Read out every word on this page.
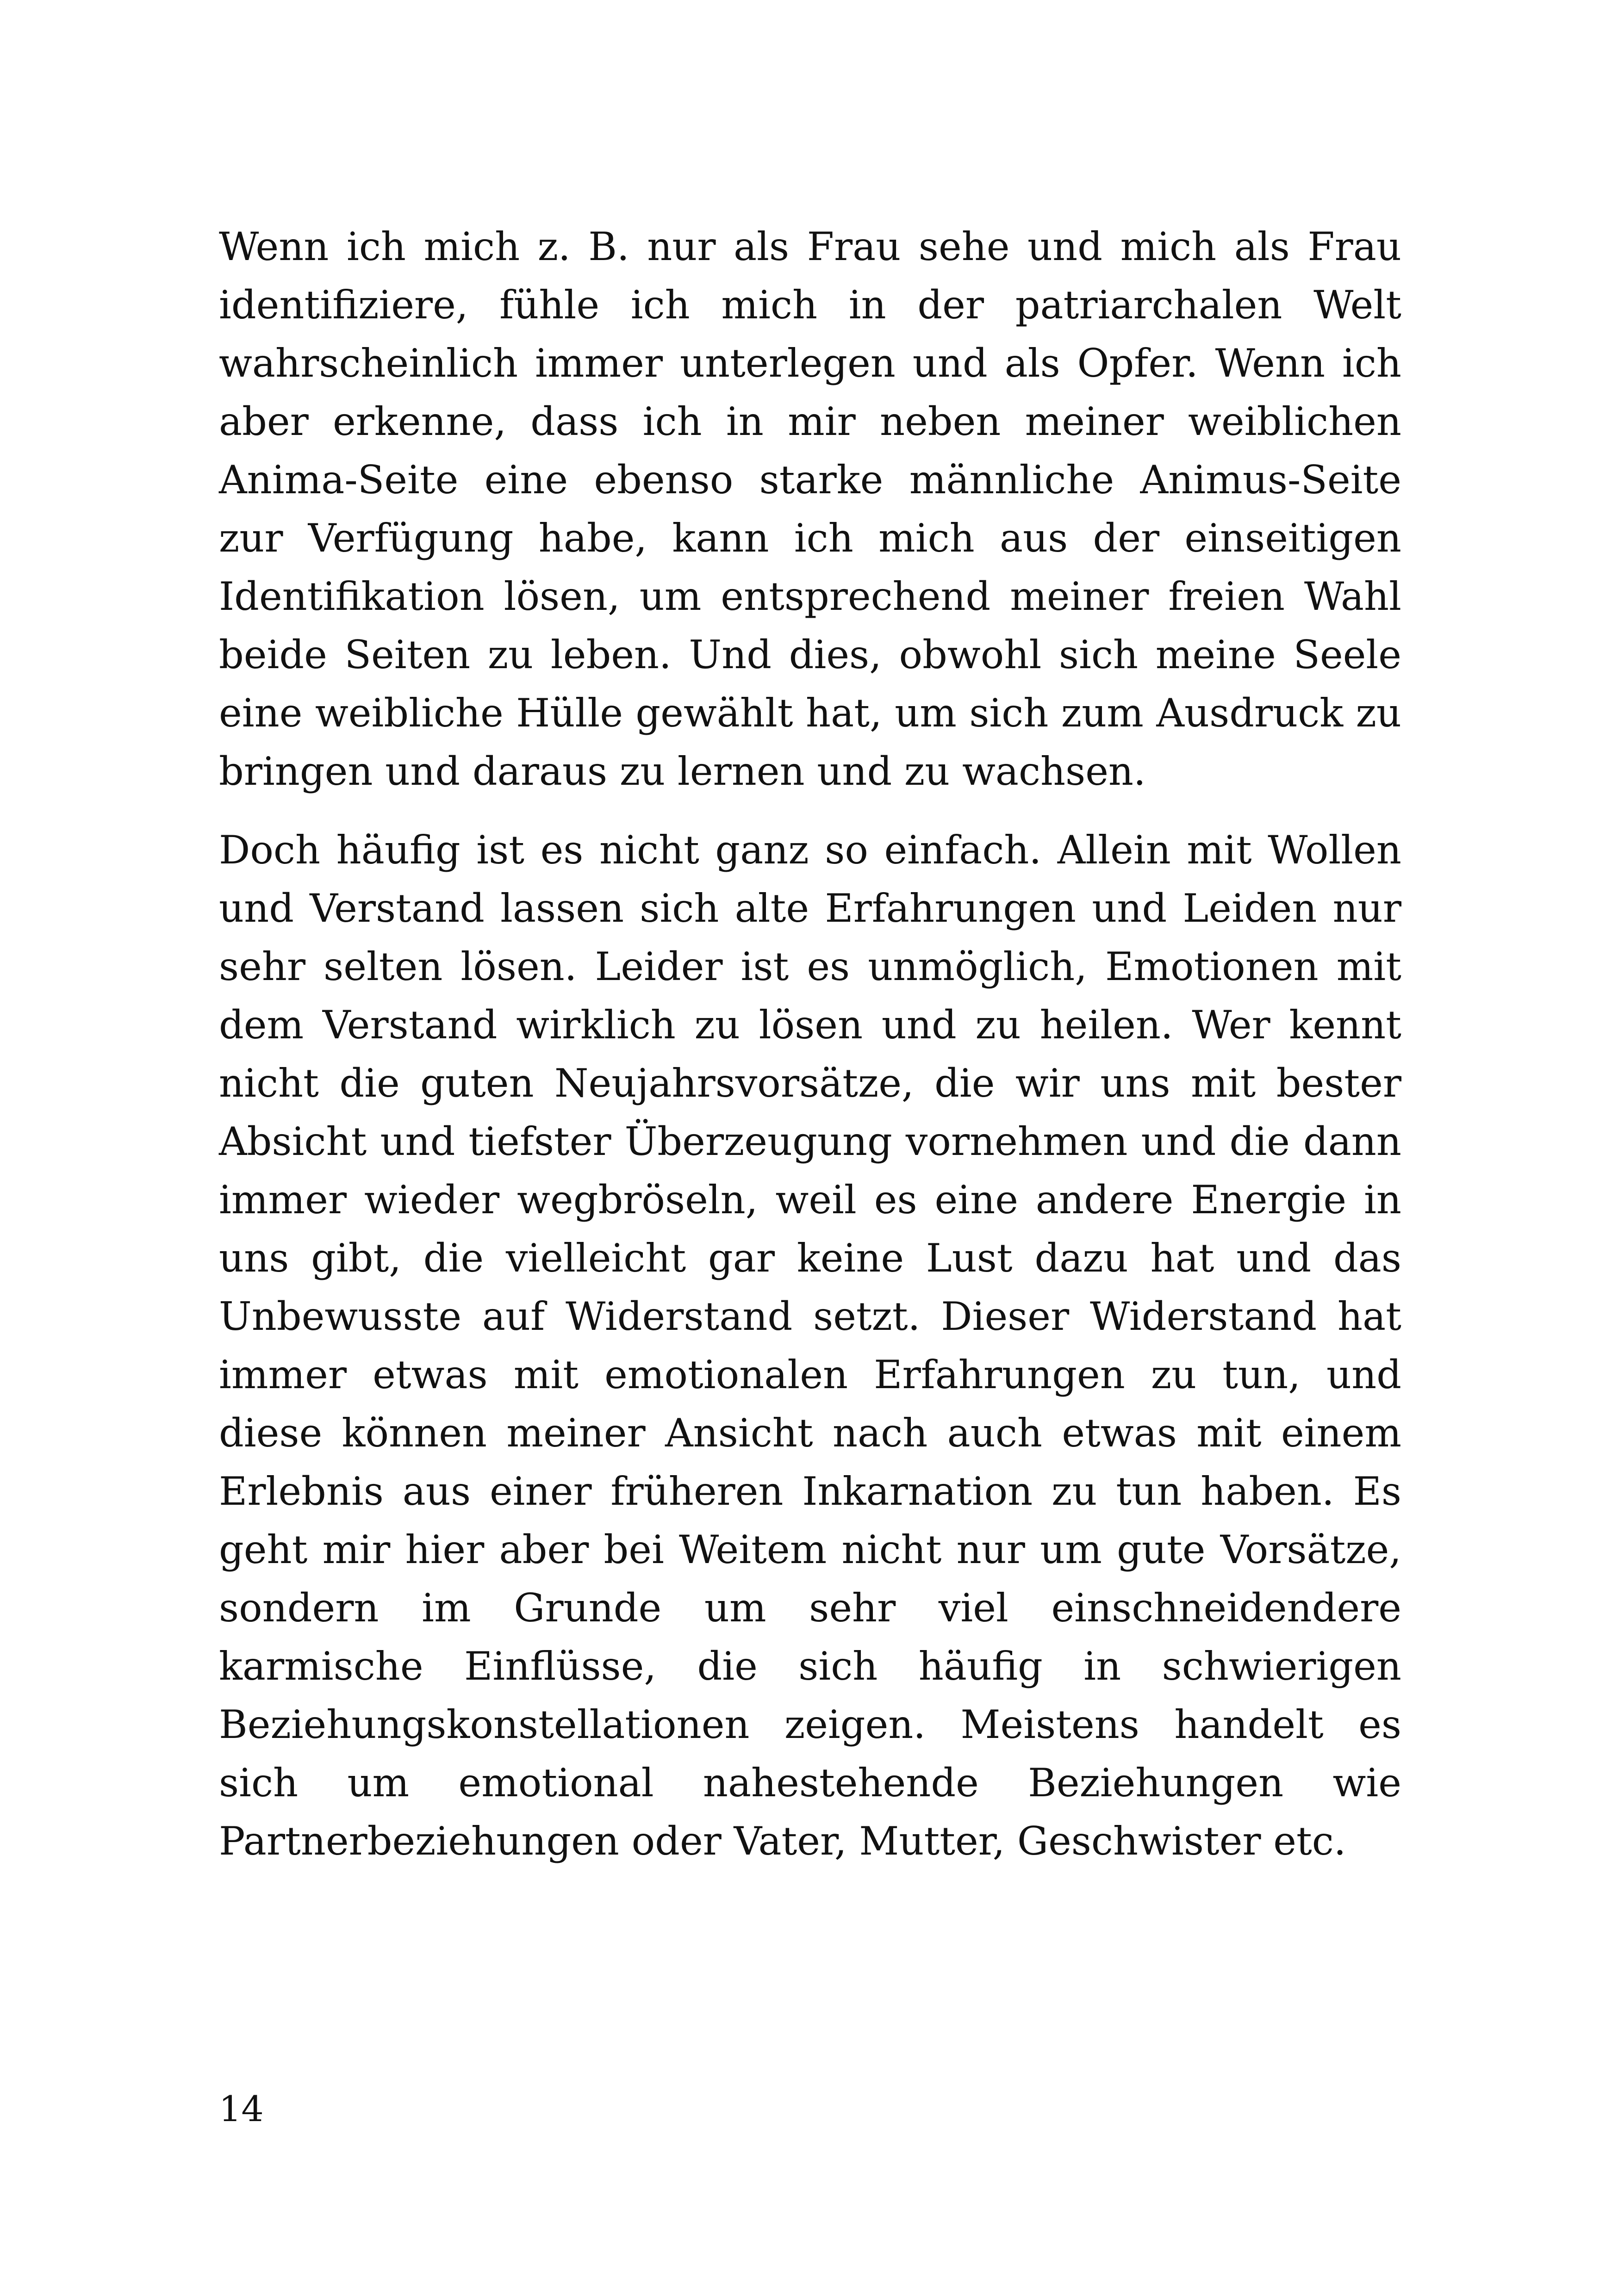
Wenn ich mich z. B. nur als Frau sehe und mich als Frau identifiziere, fühle ich mich in der patriarchalen Welt wahrscheinlich immer unterlegen und als Opfer. Wenn ich aber erkenne, dass ich in mir neben meiner weiblichen Anima-Seite eine ebenso starke männliche Animus-Seite zur Verfügung habe, kann ich mich aus der einseitigen Identifikation lösen, um entsprechend meiner freien Wahl beide Seiten zu leben. Und dies, obwohl sich meine Seele eine weibliche Hülle gewählt hat, um sich zum Ausdruck zu bringen und daraus zu lernen und zu wachsen.

Doch häufig ist es nicht ganz so einfach. Allein mit Wollen und Verstand lassen sich alte Erfahrungen und Leiden nur sehr selten lösen. Leider ist es unmöglich, Emotionen mit dem Verstand wirklich zu lösen und zu heilen. Wer kennt nicht die guten Neujahrsvorsätze, die wir uns mit bester Absicht und tiefster Überzeugung vornehmen und die dann immer wieder wegbröseln, weil es eine andere Energie in uns gibt, die vielleicht gar keine Lust dazu hat und das Unbewusste auf Widerstand setzt. Dieser Widerstand hat immer etwas mit emotionalen Erfahrungen zu tun, und diese können meiner Ansicht nach auch etwas mit einem Erlebnis aus einer früheren Inkarnation zu tun haben. Es geht mir hier aber bei Weitem nicht nur um gute Vorsätze, sondern im Grunde um sehr viel einschneidendere karmische Einflüsse, die sich häufig in schwierigen Beziehungskonstellationen zeigen. Meistens handelt es sich um emotional nahestehende Beziehungen wie Partnerbeziehungen oder Vater, Mutter, Geschwister etc.

14
